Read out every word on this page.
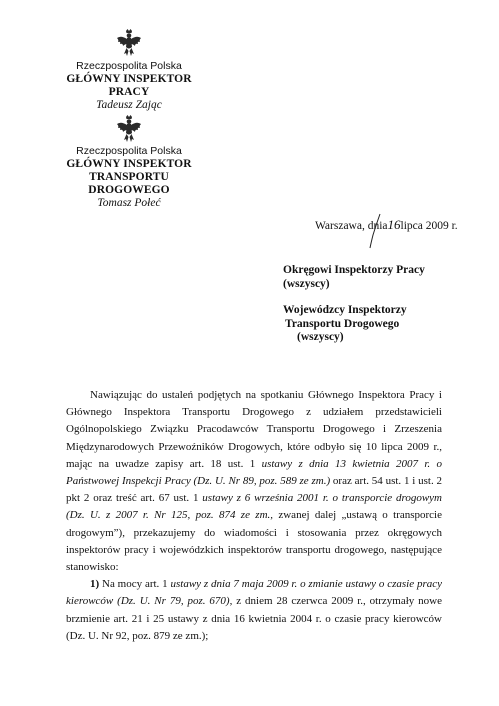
Rzeczpospolita Polska
GŁÓWNY INSPEKTOR PRACY
Tadeusz Zając
Rzeczpospolita Polska
GŁÓWNY INSPEKTOR
TRANSPORTU DROGOWEGO
Tomasz Połeć
Warszawa, dnia16lipca 2009 r.
Okręgowi Inspektorzy Pracy
(wszyscy)
Wojewódzcy Inspektorzy
Transportu Drogowego
(wszyscy)

Nawiązując do ustaleń podjętych na spotkaniu Głównego Inspektora Pracy i Głównego Inspektora Transportu Drogowego z udziałem przedstawicieli Ogólnopolskiego Związku Pracodawców Transportu Drogowego i Zrzeszenia Międzynarodowych Przewoźników Drogowych, które odbyło się 10 lipca 2009 r., mając na uwadze zapisy art. 18 ust. 1 ustawy z dnia 13 kwietnia 2007 r. o Państwowej Inspekcji Pracy (Dz. U. Nr 89, poz. 589 ze zm.) oraz art. 54 ust. 1 i ust. 2 pkt 2 oraz treść art. 67 ust. 1 ustawy z 6 września 2001 r. o transporcie drogowym (Dz. U. z 2007 r. Nr 125, poz. 874 ze zm., zwanej dalej „ustawą o transporcie drogowym”), przekazujemy do wiadomości i stosowania przez okręgowych inspektorów pracy i wojewódzkich inspektorów transportu drogowego, następujące stanowisko:

1) Na mocy art. 1 ustawy z dnia 7 maja 2009 r. o zmianie ustawy o czasie pracy kierowców (Dz. U. Nr 79, poz. 670), z dniem 28 czerwca 2009 r., otrzymały nowe brzmienie art. 21 i 25 ustawy z dnia 16 kwietnia 2004 r. o czasie pracy kierowców (Dz. U. Nr 92, poz. 879 ze zm.);
